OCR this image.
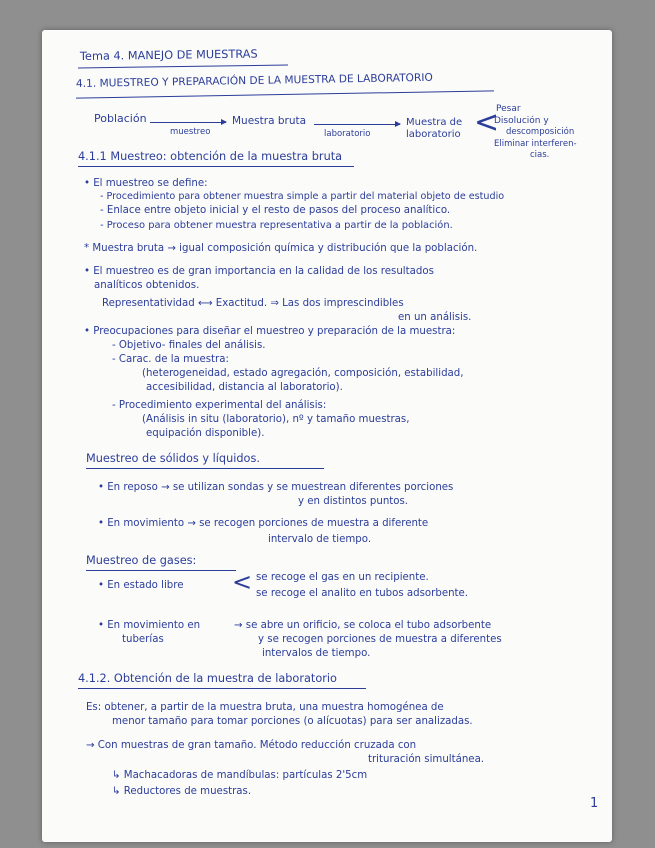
Tema 4. MANEJO DE MUESTRAS
4.1. MUESTREO Y PREPARACIÓN DE LA MUESTRA DE LABORATORIO
Población
muestreo
Muestra bruta
laboratorio
Muestra de
laboratorio <
Pesar
Disolución y
descomposición
Eliminar interferen-
cias.
4.1.1 Muestreo: obtención de la muestra bruta
• El muestreo se define:
- Procedimiento para obtener muestra simple a partir del material objeto de estudio
- Enlace entre objeto inicial y el resto de pasos del proceso analítico.
- Proceso para obtener muestra representativa a partir de la población.
* Muestra bruta → igual composición química y distribución que la población.
• El muestreo es de gran importancia en la calidad de los resultados
analíticos obtenidos.
Representatividad ⟷ Exactitud. ⇒ Las dos imprescindibles
en un análisis.
• Preocupaciones para diseñar el muestreo y preparación de la muestra:
- Objetivo- finales del análisis.
- Carac. de la muestra:
(heterogeneidad, estado agregación, composición, estabilidad,
accesibilidad, distancia al laboratorio).
- Procedimiento experimental del análisis:
(Análisis in situ (laboratorio), nº y tamaño muestras,
equipación disponible).
Muestreo de sólidos y líquidos.
• En reposo → se utilizan sondas y se muestrean diferentes porciones
y en distintos puntos.
• En movimiento → se recogen porciones de muestra a diferente
intervalo de tiempo.
Muestreo de gases:
• En estado libre < se recoge el gas en un recipiente.
se recoge el analito en tubos adsorbente.
• En movimiento en
tuberías
→ se abre un orificio, se coloca el tubo adsorbente
y se recogen porciones de muestra a diferentes
intervalos de tiempo.
4.1.2. Obtención de la muestra de laboratorio
Es: obtener, a partir de la muestra bruta, una muestra homogénea de
menor tamaño para tomar porciones (o alícuotas) para ser analizadas.
→ Con muestras de gran tamaño. Método reducción cruzada con
trituración simultánea.
↳ Machacadoras de mandíbulas: partículas 2'5cm
↳ Reductores de muestras.
1
